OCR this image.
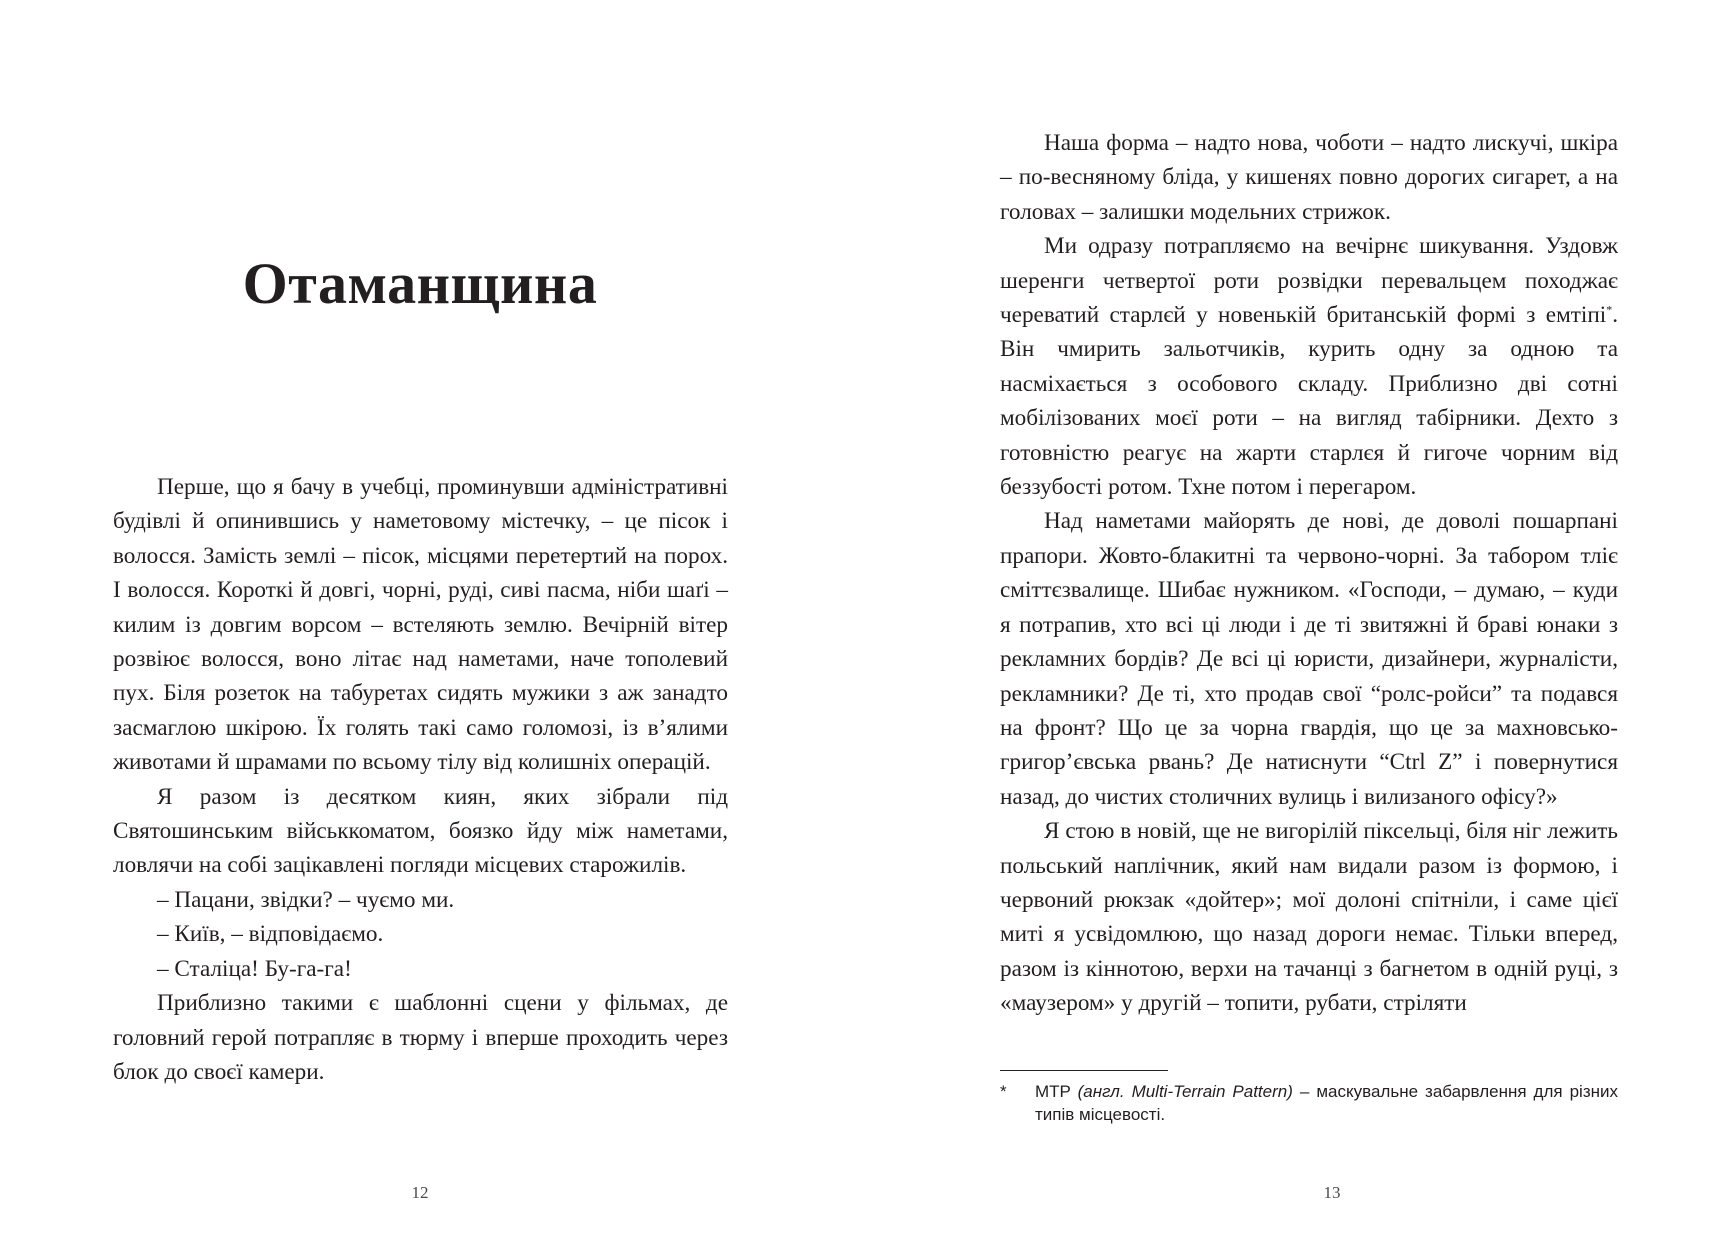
Отаманщина

Перше, що я бачу в учебці, проминувши адміністративні будівлі й опинившись у наметовому містечку, – це пісок і волосся. Замість землі – пісок, місцями перетертий на порох. І волосся. Короткі й довгі, чорні, руді, сиві пасма, ніби шаґі – килим із довгим ворсом – встеляють землю. Вечірній вітер розвіює волосся, воно літає над наметами, наче тополевий пух. Біля розеток на табуретах сидять мужики з аж занадто засмаглою шкірою. Їх голять такі само голомозі, із в’ялими животами й шрамами по всьому тілу від колишніх операцій.

Я разом із десятком киян, яких зібрали під Святошинським військкоматом, боязко йду між наметами, ловлячи на собі зацікавлені погляди місцевих старожилів.

– Пацани, звідки? – чуємо ми.

– Київ, – відповідаємо.

– Сталіца! Бу-га-га!

Приблизно такими є шаблонні сцени у фільмах, де головний герой потрапляє в тюрму і вперше проходить через блок до своєї камери.

12

Наша форма – надто нова, чоботи – надто лискучі, шкіра – по-весняному бліда, у кишенях повно дорогих сигарет, а на головах – залишки модельних стрижок.

Ми одразу потрапляємо на вечірнє шикування. Уздовж шеренги четвертої роти розвідки перевальцем походжає череватий старлєй у новенькій британській формі з емтіпі*. Він чмирить зальотчиків, курить одну за одною та насміхається з особового складу. Приблизно дві сотні мобілізованих моєї роти – на вигляд табірники. Дехто з готовністю реагує на жарти старлєя й гигоче чорним від беззубості ротом. Тхне потом і перегаром.

Над наметами майорять де нові, де доволі пошарпані прапори. Жовто-блакитні та червоно-чорні. За табором тліє сміттєзвалище. Шибає нужником. «Господи, – думаю, – куди я потрапив, хто всі ці люди і де ті звитяжні й браві юнаки з рекламних бордів? Де всі ці юристи, дизайнери, журналісти, рекламники? Де ті, хто продав свої “ролс-ройси” та подався на фронт? Що це за чорна гвардія, що це за махновсько-григор’євська рвань? Де натиснути “Ctrl Z” і повернутися назад, до чистих столичних вулиць і вилизаного офісу?»

Я стою в новій, ще не вигорілій піксельці, біля ніг лежить польський наплічник, який нам видали разом із формою, і червоний рюкзак «дойтер»; мої долоні спітніли, і саме цієї миті я усвідомлюю, що назад дороги немає. Тільки вперед, разом із кіннотою, верхи на тачанці з багнетом в одній руці, з «маузером» у другій – топити, рубати, стріляти

*	MTP (англ. Multi-Terrain Pattern) – маскувальне забарвлення для різних типів місцевості.
13
